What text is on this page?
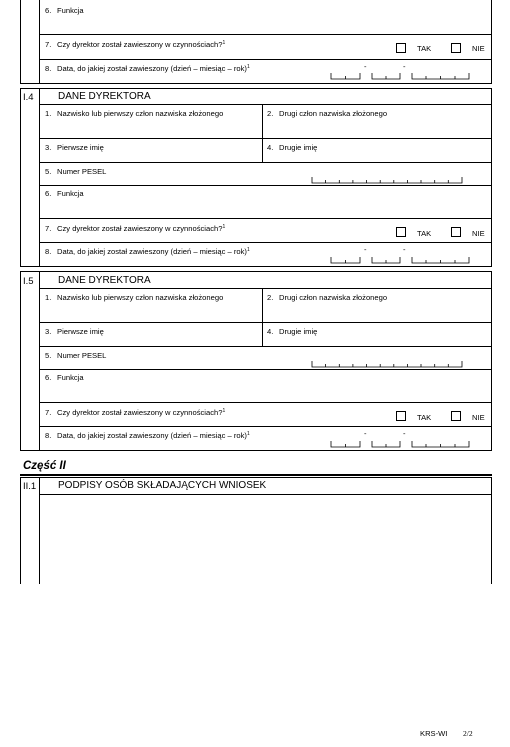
6. Funkcja
7. Czy dyrektor został zawieszony w czynnościach?$^1$
TAK	NIE
8. Data, do jakiej został zawieszony (dzień – miesiąc – rok)$^1$	-	-
I.4 DANE DYREKTORA
1. Nazwisko lub pierwszy człon nazwiska złożonego	2. Drugi człon nazwiska złożonego
3. Pierwsze imię	4. Drugie imię
5. Numer PESEL
6. Funkcja
7. Czy dyrektor został zawieszony w czynnościach?$^1$
TAK	NIE
8. Data, do jakiej został zawieszony (dzień – miesiąc – rok)$^1$	-	-
I.5 DANE DYREKTORA
1. Nazwisko lub pierwszy człon nazwiska złożonego	2. Drugi człon nazwiska złożonego
3. Pierwsze imię	4. Drugie imię
5. Numer PESEL
6. Funkcja
7. Czy dyrektor został zawieszony w czynnościach?$^1$
TAK	NIE
8. Data, do jakiej został zawieszony (dzień – miesiąc – rok)$^1$	-	-
Część II
II.1 PODPISY OSÓB SKŁADAJĄCYCH WNIOSEK
KRS-WI 2/2
